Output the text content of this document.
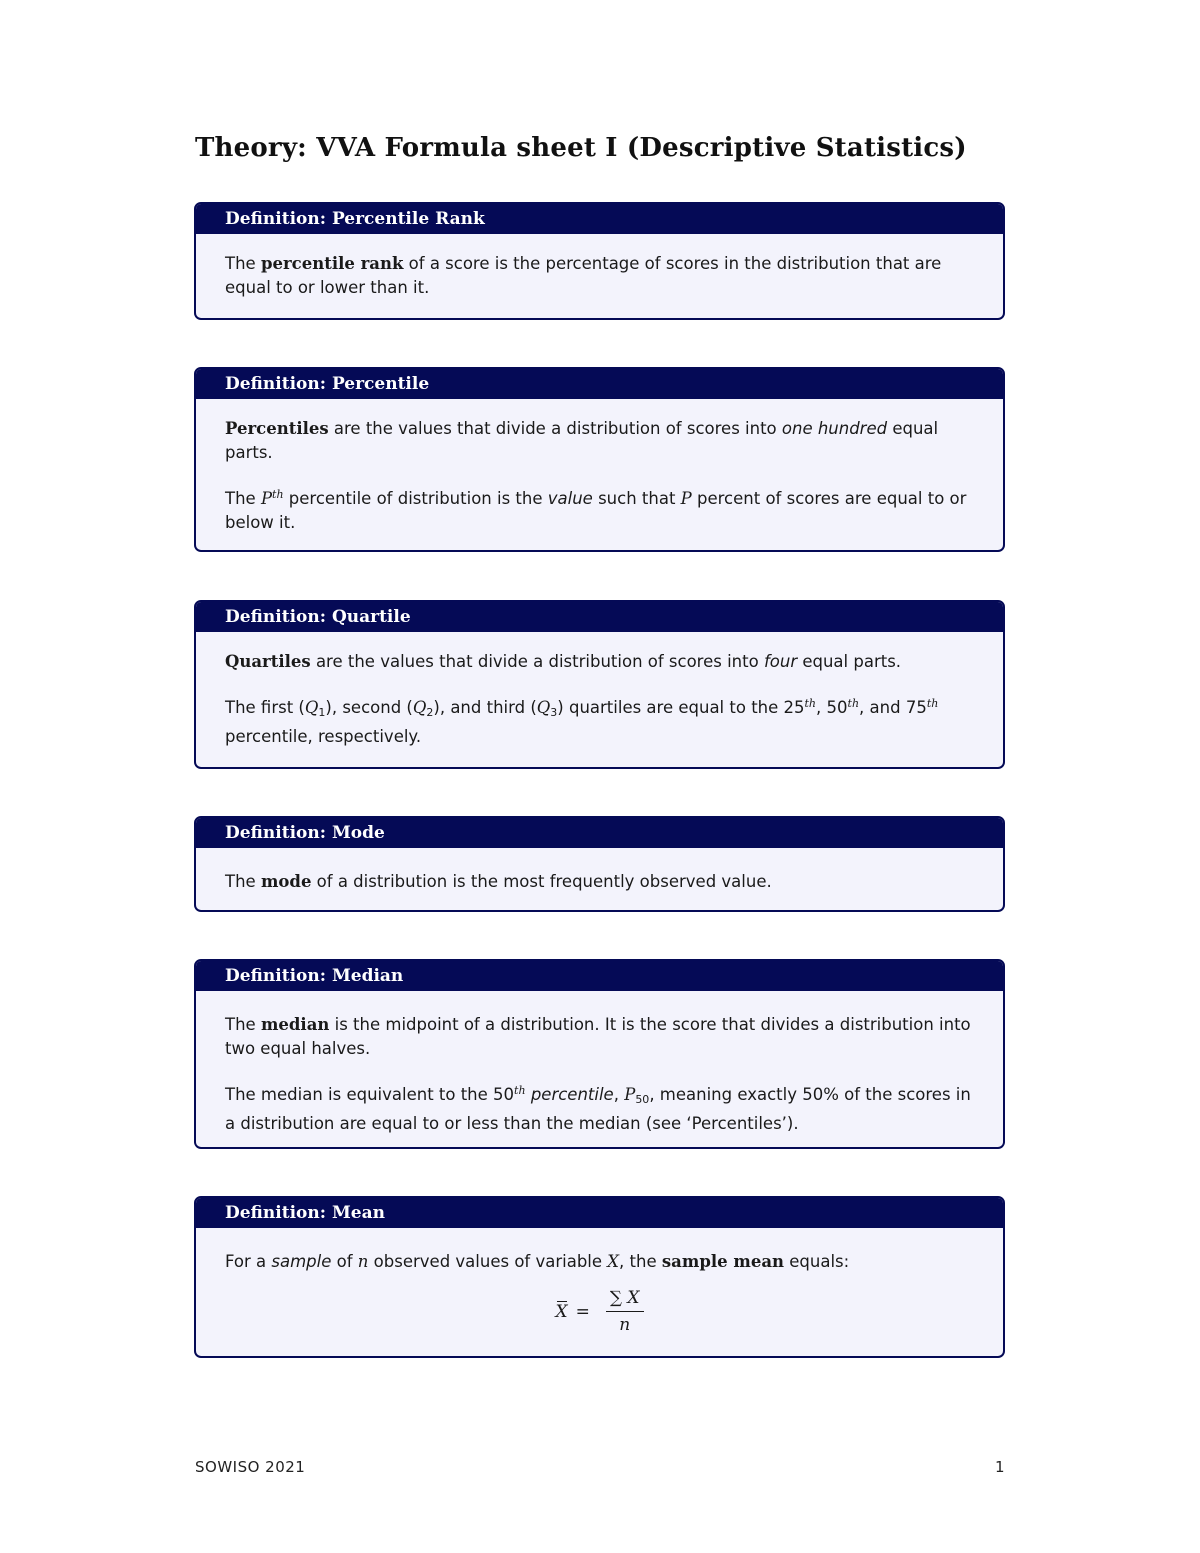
Theory: VVA Formula sheet I (Descriptive Statistics)
Definition: Percentile Rank

The percentile rank of a score is the percentage of scores in the distribution that are equal to or lower than it.

Definition: Percentile

Percentiles are the values that divide a distribution of scores into one hundred equal parts.

The $P^{th}$ percentile of distribution is the value such that P percent of scores are equal to or below it.

Definition: Quartile

Quartiles are the values that divide a distribution of scores into four equal parts.

The first $(Q_1)$, second $(Q_2)$, and third $(Q_3)$ quartiles are equal to the 25th, 50th, and 75th percentile, respectively.

Definition: Mode

The mode of a distribution is the most frequently observed value.

Definition: Median

The median is the midpoint of a distribution. It is the score that divides a distribution into two equal halves.

The median is equivalent to the 50th percentile, $P_{50}$, meaning exactly 50% of the scores in a distribution are equal to or less than the median (see ‘Percentiles’).

Definition: Mean

For a sample of n observed values of variable X, the sample mean equals:

$X = \frac{\sum X}{n}$
SOWISO 2021	1
